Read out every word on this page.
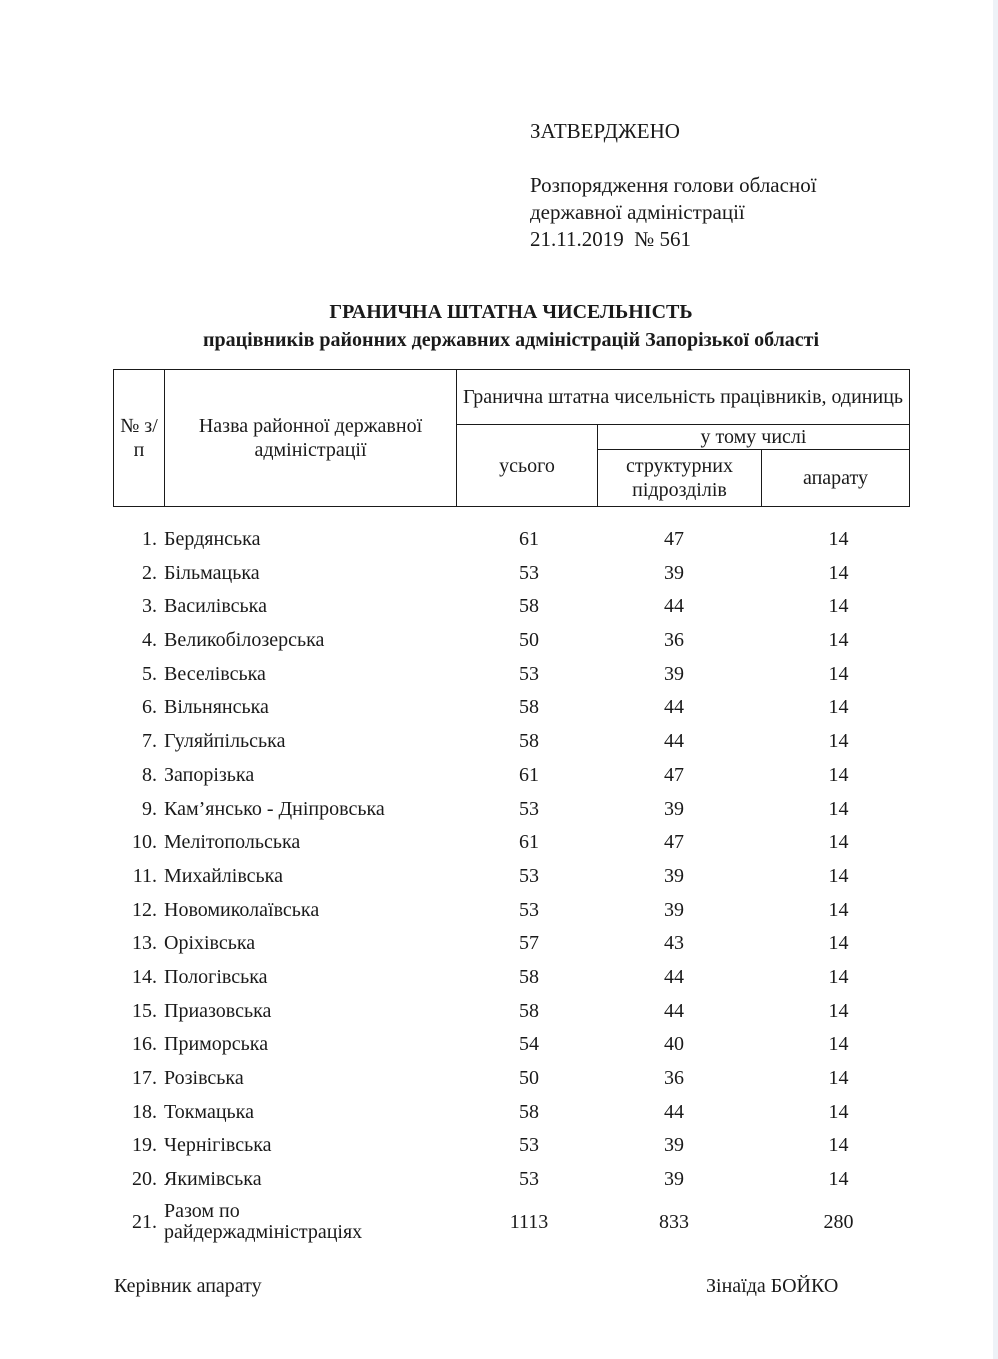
ЗАТВЕРДЖЕНО
Розпорядження голови обласної
державної адміністрації
21.11.2019  № 561
ГРАНИЧНА ШТАТНА ЧИСЕЛЬНІСТЬ
працівників районних державних адміністрацій Запорізької області
№ з/п	Назва районної державної адміністрації	Гранична штатна чисельність працівників, одиниць		
		усього	у тому числі	
			структурних підрозділів	апарату
1. Бердянська	61	47	14
2. Більмацька	53	39	14
3. Василівська	58	44	14
4. Великобілозерська	50	36	14
5. Веселівська	53	39	14
6. Вільнянська	58	44	14
7. Гуляйпільська	58	44	14
8. Запорізька	61	47	14
9. Кам’янсько - Дніпровська	53	39	14
10. Мелітопольська	61	47	14
11. Михайлівська	53	39	14
12. Новомиколаївська	53	39	14
13. Оріхівська	57	43	14
14. Пологівська	58	44	14
15. Приазовська	58	44	14
16. Приморська	54	40	14
17. Розівська	50	36	14
18. Токмацька	58	44	14
19. Чернігівська	53	39	14
20. Якимівська	53	39	14
21. Разом по
райдержадміністраціях	1113	833	280
Керівник апарату	Зінаїда БОЙКО
